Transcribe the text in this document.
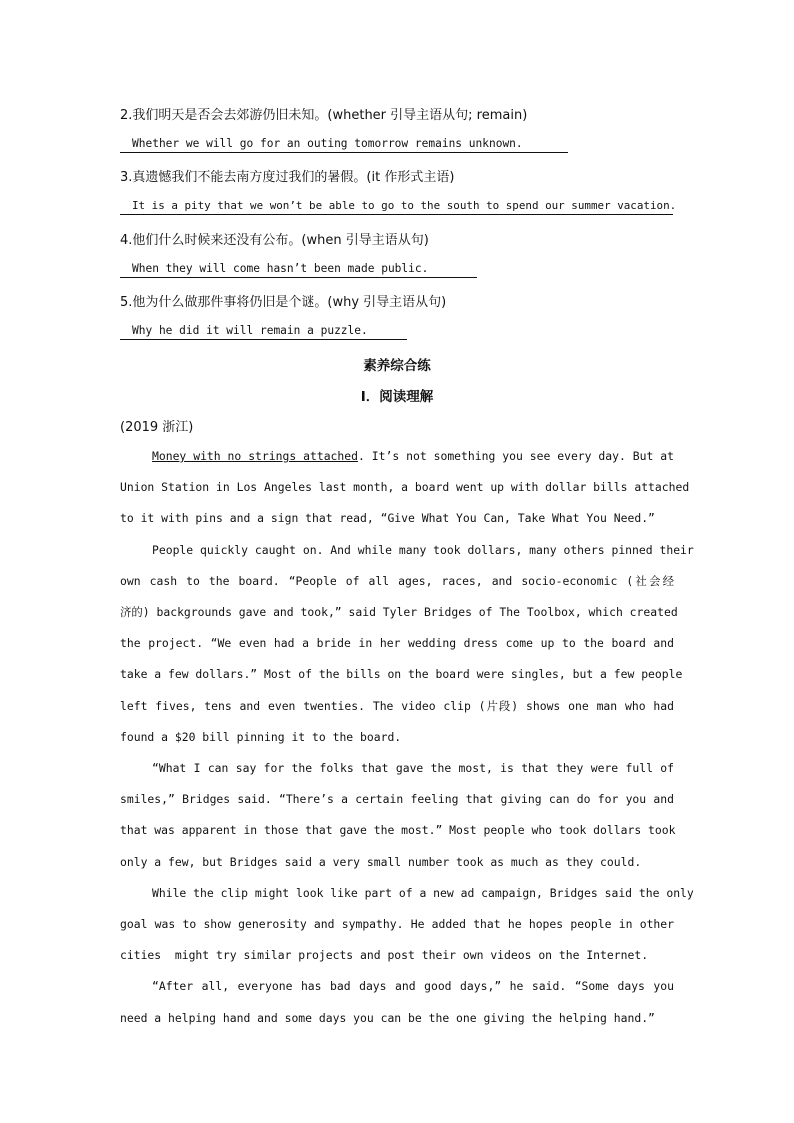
2.我们明天是否会去郊游仍旧未知。(whether 引导主语从句; remain)
Whether we will go for an outing tomorrow remains unknown.
3.真遗憾我们不能去南方度过我们的暑假。(it 作形式主语)
It is a pity that we won’t be able to go to the south to spend our summer vacation.
4.他们什么时候来还没有公布。(when 引导主语从句)
When they will come hasn’t been made public.
5.他为什么做那件事将仍旧是个谜。(why 引导主语从句)
Why he did it will remain a puzzle.
素养综合练
I．阅读理解
(2019 浙江)
Money with no strings attached. It’s not something you see every day. But at
Union Station in Los Angeles last month, a board went up with dollar bills attached
to it with pins and a sign that read, “Give What You Can, Take What You Need.”
People quickly caught on. And while many took dollars, many others pinned their
own cash to the board. “People of all ages, races, and socio-economic (社会经
济的) backgrounds gave and took,” said Tyler Bridges of The Toolbox, which created
the project. “We even had a bride in her wedding dress come up to the board and
take a few dollars.” Most of the bills on the board were singles, but a few people
left fives, tens and even twenties. The video clip (片段) shows one man who had
found a $20 bill pinning it to the board.
“What I can say for the folks that gave the most, is that they were full of
smiles,” Bridges said. “There’s a certain feeling that giving can do for you and
that was apparent in those that gave the most.” Most people who took dollars took
only a few, but Bridges said a very small number took as much as they could.
While the clip might look like part of a new ad campaign, Bridges said the only
goal was to show generosity and sympathy. He added that he hopes people in other
cities  might try similar projects and post their own videos on the Internet.
“After all, everyone has bad days and good days,” he said. “Some days you
need a helping hand and some days you can be the one giving the helping hand.”
